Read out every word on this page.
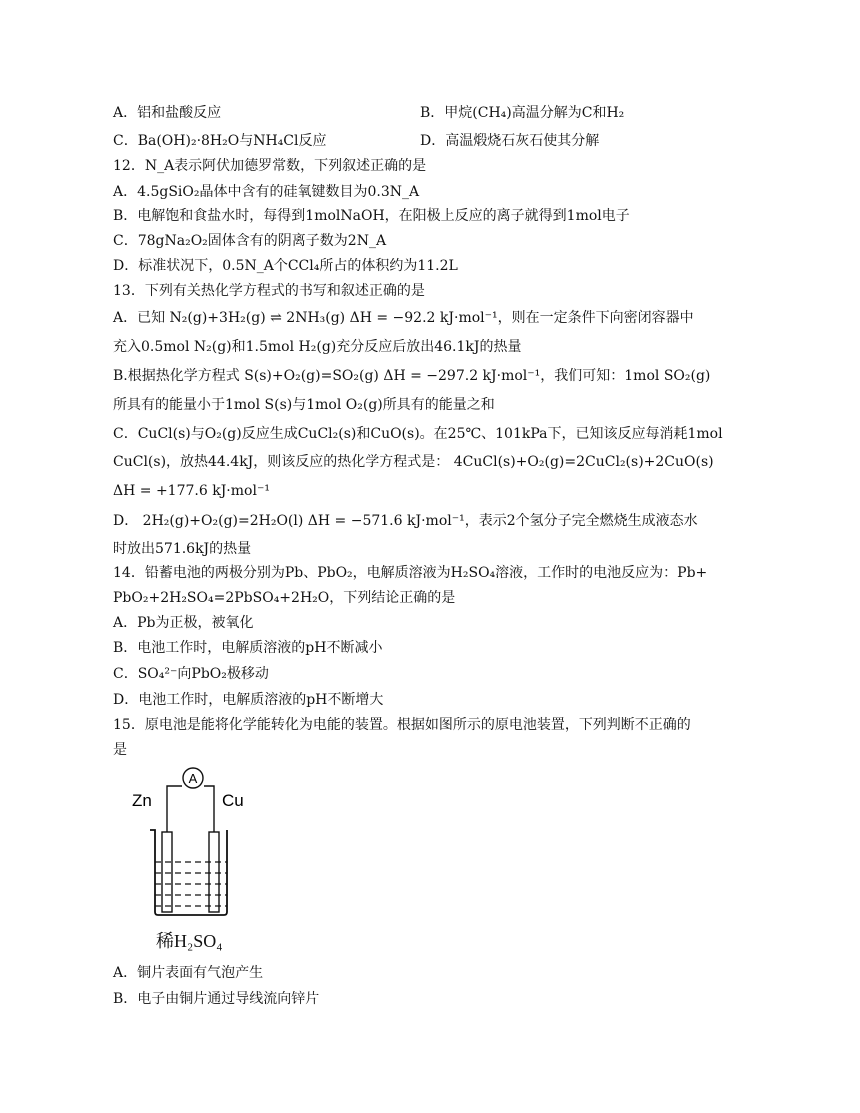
A．铝和盐酸反应	B．甲烷(CH₄)高温分解为C和H₂
C．Ba(OH)₂·8H₂O与NH₄Cl反应	D．高温煅烧石灰石使其分解
12．N_A表示阿伏加德罗常数，下列叙述正确的是
A．4.5gSiO₂晶体中含有的硅氧键数目为0.3N_A
B．电解饱和食盐水时，每得到1molNaOH，在阳极上反应的离子就得到1mol电子
C．78gNa₂O₂固体含有的阴离子数为2N_A
D．标准状况下，0.5N_A个CCl₄所占的体积约为11.2L
13．下列有关热化学方程式的书写和叙述正确的是
A．已知 N₂(g)+3H₂(g) ⇌ 2NH₃(g) ΔH = −92.2 kJ·mol⁻¹，则在一定条件下向密闭容器中
充入0.5mol N₂(g)和1.5mol H₂(g)充分反应后放出46.1kJ的热量
B.根据热化学方程式 S(s)+O₂(g)=SO₂(g) ΔH = −297.2 kJ·mol⁻¹，我们可知：1mol SO₂(g)
所具有的能量小于1mol S(s)与1mol O₂(g)所具有的能量之和
C．CuCl(s)与O₂(g)反应生成CuCl₂(s)和CuO(s)。在25℃、101kPa下，已知该反应每消耗1mol
CuCl(s)，放热44.4kJ，则该反应的热化学方程式是： 4CuCl(s)+O₂(g)=2CuCl₂(s)+2CuO(s)
ΔH = +177.6 kJ·mol⁻¹
D． 2H₂(g)+O₂(g)=2H₂O(l) ΔH = −571.6 kJ·mol⁻¹，表示2个氢分子完全燃烧生成液态水
时放出571.6kJ的热量
14．铅蓄电池的两极分别为Pb、PbO₂，电解质溶液为H₂SO₄溶液，工作时的电池反应为：Pb+
PbO₂+2H₂SO₄=2PbSO₄+2H₂O，下列结论正确的是
A．Pb为正极，被氧化
B．电池工作时，电解质溶液的pH不断减小
C．SO₄²⁻向PbO₂极移动
D．电池工作时，电解质溶液的pH不断增大
15．原电池是能将化学能转化为电能的装置。根据如图所示的原电池装置，下列判断不正确的
是
A
Zn	Cu
稀H₂SO₄
A．铜片表面有气泡产生
B．电子由铜片通过导线流向锌片
